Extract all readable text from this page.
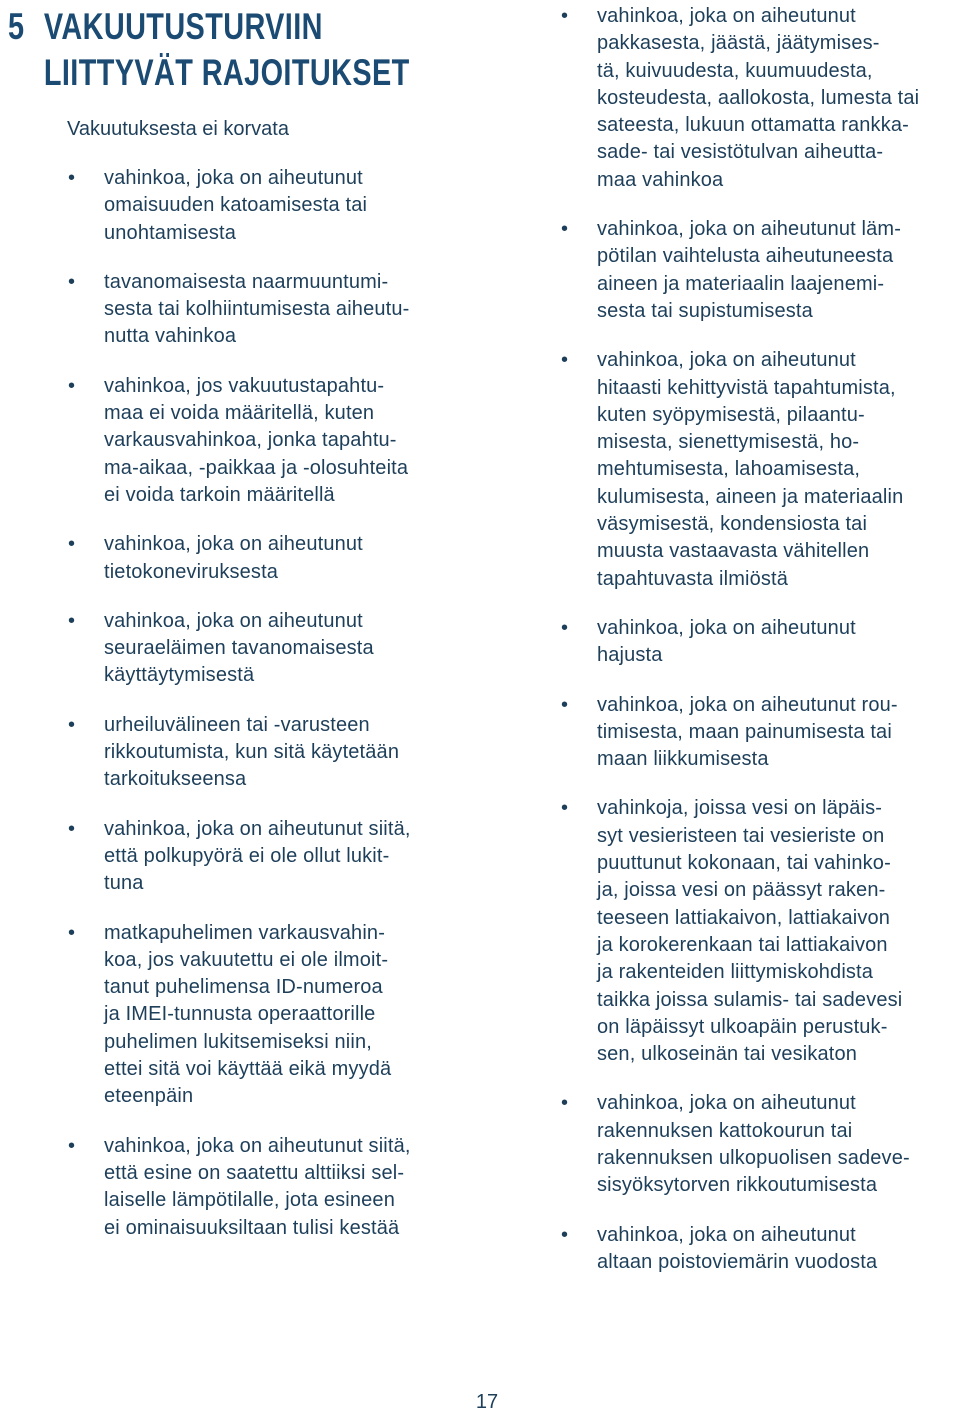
5 VAKUUTUSTURVIIN
LIITTYVÄT RAJOITUKSET
Vakuutuksesta ei korvata
• vahinkoa, joka on aiheutunut
omaisuuden katoamisesta tai
unohtamisesta
• tavanomaisesta naarmuuntumi-
sesta tai kolhiintumisesta aiheutu-
nutta vahinkoa
• vahinkoa, jos vakuutustapahtu-
maa ei voida määritellä, kuten
varkausvahinkoa, jonka tapahtu-
ma-aikaa, -paikkaa ja -olosuhteita
ei voida tarkoin määritellä
• vahinkoa, joka on aiheutunut
tietokoneviruksesta
• vahinkoa, joka on aiheutunut
seuraeläimen tavanomaisesta
käyttäytymisestä
• urheiluvälineen tai -varusteen
rikkoutumista, kun sitä käytetään
tarkoitukseensa
• vahinkoa, joka on aiheutunut siitä,
että polkupyörä ei ole ollut lukit-
tuna
• matkapuhelimen varkausvahin-
koa, jos vakuutettu ei ole ilmoit-
tanut puhelimensa ID-numeroa
ja IMEI-tunnusta operaattorille
puhelimen lukitsemiseksi niin,
ettei sitä voi käyttää eikä myydä
eteenpäin
• vahinkoa, joka on aiheutunut siitä,
että esine on saatettu alttiiksi sel-
laiselle lämpötilalle, jota esineen
ei ominaisuuksiltaan tulisi kestää
• vahinkoa, joka on aiheutunut
pakkasesta, jäästä, jäätymises-
tä, kuivuudesta, kuumuudesta,
kosteudesta, aallokosta, lumesta tai
sateesta, lukuun ottamatta rankka-
sade- tai vesistötulvan aiheutta-
maa vahinkoa
• vahinkoa, joka on aiheutunut läm-
pötilan vaihtelusta aiheutuneesta
aineen ja materiaalin laajenemi-
sesta tai supistumisesta
• vahinkoa, joka on aiheutunut
hitaasti kehittyvistä tapahtumista,
kuten syöpymisestä, pilaantu-
misesta, sienettymisestä, ho-
mehtumisesta, lahoamisesta,
kulumisesta, aineen ja materiaalin
väsymisestä, kondensiosta tai
muusta vastaavasta vähitellen
tapahtuvasta ilmiöstä
• vahinkoa, joka on aiheutunut
hajusta
• vahinkoa, joka on aiheutunut rou-
timisesta, maan painumisesta tai
maan liikkumisesta
• vahinkoja, joissa vesi on läpäis-
syt vesieristeen tai vesieriste on
puuttunut kokonaan, tai vahinko-
ja, joissa vesi on päässyt raken-
teeseen lattiakaivon, lattiakaivon
ja korokerenkaan tai lattiakaivon
ja rakenteiden liittymiskohdista
taikka joissa sulamis- tai sadevesi
on läpäissyt ulkoapäin perustuk-
sen, ulkoseinän tai vesikaton
• vahinkoa, joka on aiheutunut
rakennuksen kattokourun tai
rakennuksen ulkopuolisen sadeve-
sisyöksytorven rikkoutumisesta
• vahinkoa, joka on aiheutunut
altaan poistoviemärin vuodosta
17
